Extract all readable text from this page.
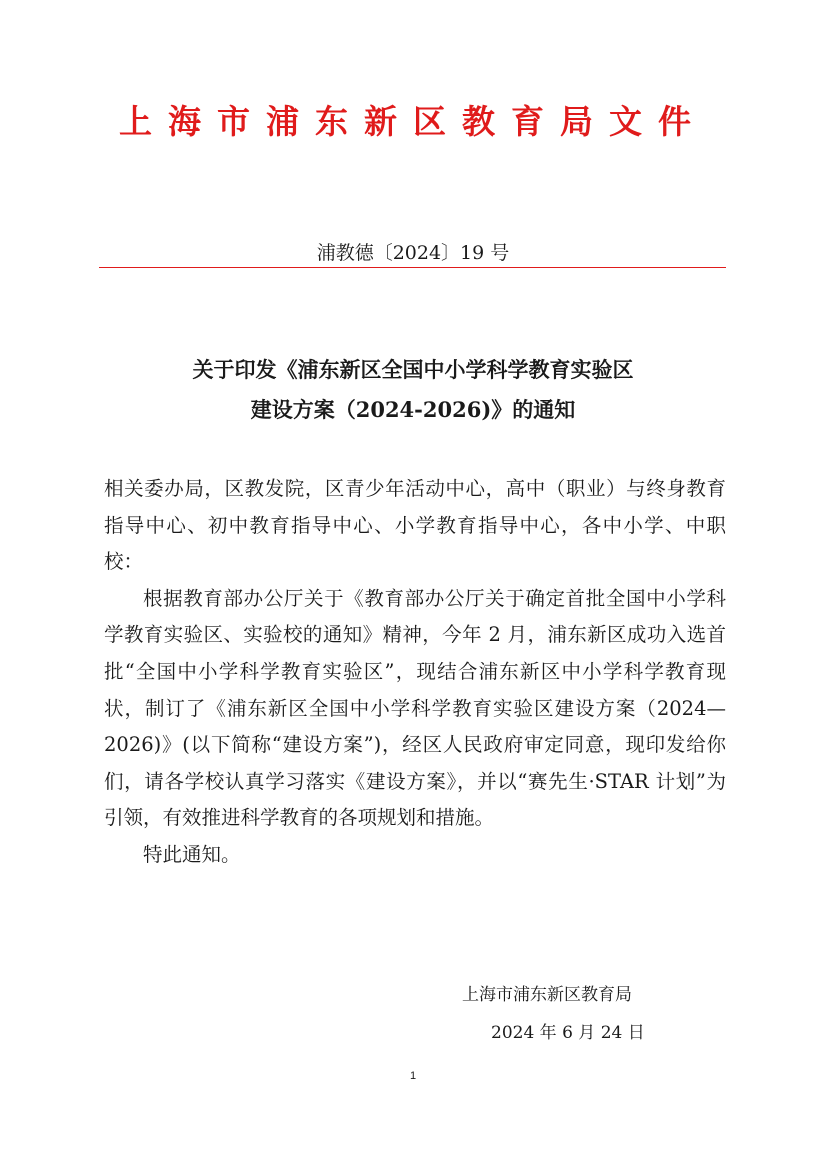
上海市浦东新区教育局文件
浦教德〔2024〕19 号
关于印发《浦东新区全国中小学科学教育实验区
建设方案（2024-2026)》的通知

相关委办局，区教发院，区青少年活动中心，高中（职业）与终身教育指导中心、初中教育指导中心、小学教育指导中心，各中小学、中职校：

根据教育部办公厅关于《教育部办公厅关于确定首批全国中小学科学教育实验区、实验校的通知》精神，今年 2 月，浦东新区成功入选首批“全国中小学科学教育实验区”，现结合浦东新区中小学科学教育现状，制订了《浦东新区全国中小学科学教育实验区建设方案（2024—2026)》(以下简称“建设方案”)，经区人民政府审定同意，现印发给你们，请各学校认真学习落实《建设方案》，并以“赛先生·STAR 计划”为引领，有效推进科学教育的各项规划和措施。

特此通知。

上海市浦东新区教育局
2024 年 6 月 24 日
1
